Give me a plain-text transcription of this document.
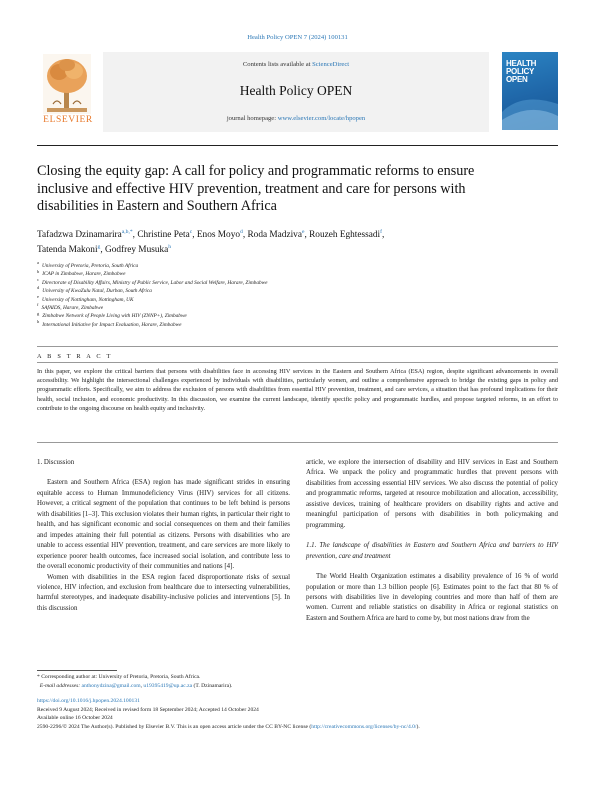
Health Policy OPEN 7 (2024) 100131
ELSEVIER
Contents lists available at ScienceDirect
Health Policy OPEN
journal homepage: www.elsevier.com/locate/hpopen
HEALTH POLICY OPEN
Closing the equity gap: A call for policy and programmatic reforms to ensure inclusive and effective HIV prevention, treatment and care for persons with disabilities in Eastern and Southern Africa
Tafadzwa Dzinamarira$^{a,b,*}$, Christine Peta$^c$, Enos Moyo$^d$, Roda Madziva$^e$, Rouzeh Eghtessadi$^f$,
Tatenda Makoni$^g$, Godfrey Musuka$^h$
$^a$University of Pretoria, Pretoria, South Africa
$^b$ICAP in Zimbabwe, Harare, Zimbabwe
$^c$Directorate of Disability Affairs, Ministry of Public Service, Labor and Social Welfare, Harare, Zimbabwe
$^d$University of KwaZulu Natal, Durban, South Africa
$^e$University of Nottingham, Nottingham, UK
$^f$SAfAIDS, Harare, Zimbabwe
$^g$Zimbabwe Network of People Living with HIV (ZNNP+), Zimbabwe
$^h$International Initiative for Impact Evaluation, Harare, Zimbabwe
A B S T R A C T
In this paper, we explore the critical barriers that persons with disabilities face in accessing HIV services in the Eastern and Southern Africa (ESA) region, despite significant advancements in overall accessibility. We highlight the intersectional challenges experienced by individuals with disabilities, particularly women, and outline a comprehensive approach to bridge the existing gaps in policy and programmatic efforts. Specifically, we aim to address the exclusion of persons with disabilities from essential HIV prevention, treatment, and care services, a situation that has profound implications for their health, social inclusion, and economic productivity. In this discussion, we examine the current landscape, identify specific policy and programmatic hurdles, and propose targeted reforms, in an effort to contribute to the ongoing discourse on health equity and inclusivity.
1. Discussion
Eastern and Southern Africa (ESA) region has made significant strides in ensuring equitable access to Human Immunodeficiency Virus (HIV) services for all citizens. However, a critical segment of the population that continues to be left behind is persons with disabilities [1–3]. This exclusion violates their human rights, in particular their right to health, and has significant economic and social consequences on them and their families and impedes attaining their full potential as citizens. Persons with disabilities who are unable to access essential HIV prevention, treatment, and care services are more likely to experience poorer health outcomes, face increased social isolation, and contribute less to the overall economic productivity of their communities and nations [4].
Women with disabilities in the ESA region faced disproportionate risks of sexual violence, HIV infection, and exclusion from healthcare due to intersecting vulnerabilities, harmful stereotypes, and inadequate disability-inclusive policies and interventions [5]. In this discussion
article, we explore the intersection of disability and HIV services in East and Southern Africa. We unpack the policy and programmatic hurdles that prevent persons with disabilities from accessing essential HIV services. We also discuss the potential of policy and programmatic reforms, targeted at resource mobilization and allocation, accessibility, assistive devices, training of healthcare providers on disability rights and active and meaningful participation of persons with disabilities in both policymaking and programming.
1.1. The landscape of disabilities in Eastern and Southern Africa and barriers to HIV prevention, care and treatment
The World Health Organization estimates a disability prevalence of 16 % of world population or more than 1.3 billion people [6]. Estimates point to the fact that 80 % of persons with disabilities live in developing countries and more than half of them are women. Current and reliable statistics on disability in Africa or regional statistics on Eastern and Southern Africa are hard to come by, but most nations draw from the
* Corresponding author at: University of Pretoria, Pretoria, South Africa.
E-mail addresses: anthonydzina@gmail.com, u19395419@up.ac.za (T. Dzinamarira).
https://doi.org/10.1016/j.hpopen.2024.100131
Received 9 August 2024; Received in revised form 18 September 2024; Accepted 14 October 2024
Available online 16 October 2024
2590-2296/© 2024 The Author(s). Published by Elsevier B.V. This is an open access article under the CC BY-NC license (http://creativecommons.org/licenses/by-nc/4.0/).
